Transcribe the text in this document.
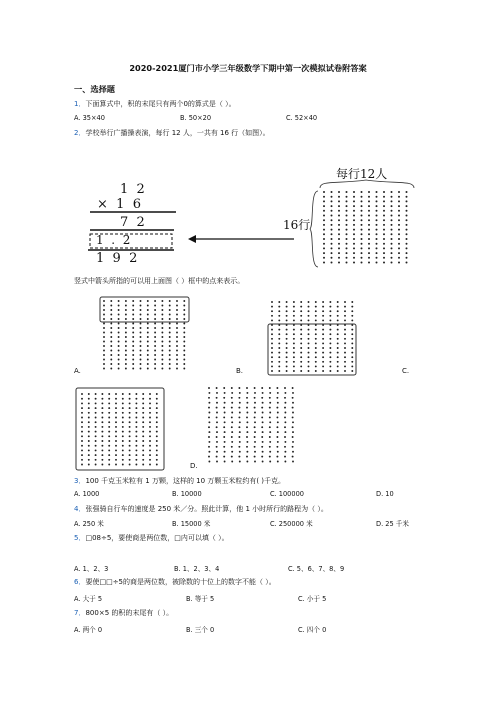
2020-2021厦门市小学三年级数学下期中第一次模拟试卷附答案
一、选择题
1．下面算式中，积的末尾只有两个0的算式是（ ）。
A. 35×40	B. 50×20	C. 52×40
2．学校举行广播操表演，每行 12 人，一共有 16 行（如图）。
1 2
× 1 6
7 2
1 . 2
1 9 2
每行12人
16行
竖式中箭头所指的可以用上面图（ ）框中的点来表示。
A.	B.	C.
D.
3．100 千克玉米粒有 1 万颗，这样的 10 万颗玉米粒约有( )千克。
A. 1000	B. 10000	C. 100000	D. 10
4．张强骑自行车的速度是 250 米／分。照此计算，他 1 小时所行的路程为（ ）。
A. 250 米	B. 15000 米	C. 250000 米	D. 25 千米
5．□08÷5，要使商是两位数，□内可以填（ ）。
A. 1、2、3	B. 1、2、3、4	C. 5、6、7、8、9
6．要使□□÷5的商是两位数，被除数的十位上的数字不能（ ）。
A. 大于 5	B. 等于 5	C. 小于 5
7．800×5 的积的末尾有（ ）。
A. 两个 0	B. 三个 0	C. 四个 0
